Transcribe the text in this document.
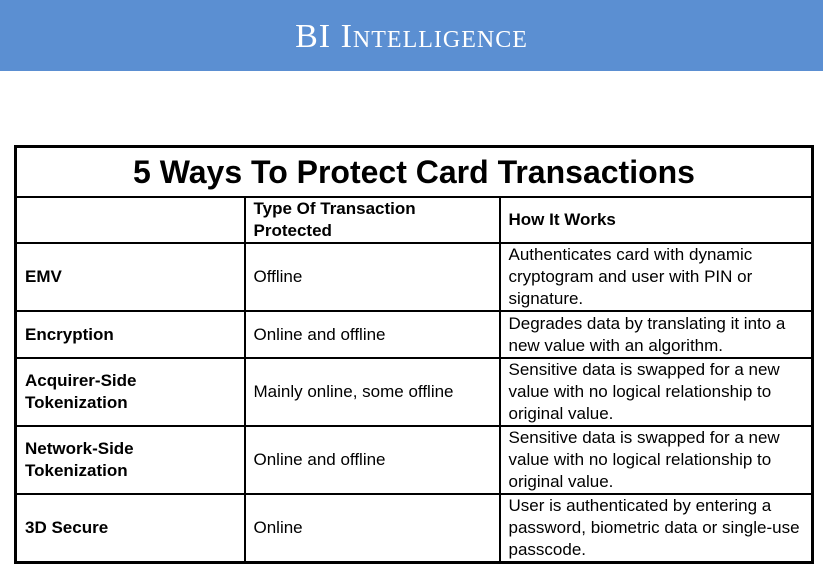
BI Intelligence
5 Ways To Protect Card Transactions		
	Type Of Transaction Protected	How It Works
EMV	Offline	Authenticates card with dynamic cryptogram and user with PIN or signature.
Encryption	Online and offline	Degrades data by translating it into a new value with an algorithm.
Acquirer-Side Tokenization	Mainly online, some offline	Sensitive data is swapped for a new value with no logical relationship to original value.
Network-Side Tokenization	Online and offline	Sensitive data is swapped for a new value with no logical relationship to original value.
3D Secure	Online	User is authenticated by entering a password, biometric data or single-use passcode.
